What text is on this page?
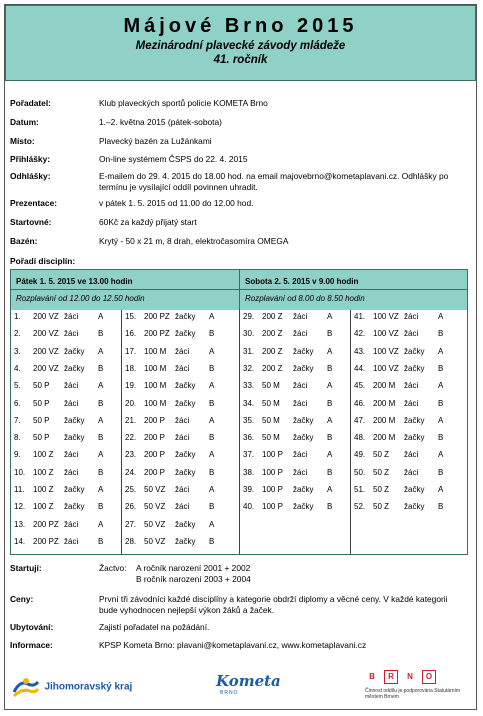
Májové Brno 2015
Mezinárodní plavecké závody mládeže
41. ročník
Pořadatel:	Klub plaveckých sportů policie KOMETA Brno
Datum:	1.–2. května 2015 (pátek-sobota)
Místo:	Plavecký bazén za Lužánkami
Přihlášky:	On-line systémem ČSPS do 22. 4. 2015
Odhlášky:	E-mailem do 29. 4. 2015 do 18.00 hod. na email majovebrno@kometaplavani.cz. Odhlášky po termínu je vysílající oddíl povinnen uhradit.
Prezentace:	v pátek 1. 5. 2015 od 11.00 do 12.00 hod.
Startovné:	60Kč za každý přijatý start
Bazén:	Krytý - 50 x 21 m, 8 drah, elektročasomíra OMEGA
Pořadí disciplín:
Pátek 1. 5. 2015 ve 13.00 hodin
Rozplavání od 12.00 do 12.50 hodin
Sobota 2. 5. 2015 v 9.00 hodin
Rozplavání od 8.00 do 8.50 hodin
1. 200 VZ žáci A
2. 200 VZ žáci B
3. 200 VZ žačky A
4. 200 VZ žačky B
5. 50 P žáci A
6. 50 P žáci B
7. 50 P žačky A
8. 50 P žačky B
9. 100 Z žáci A
10. 100 Z žáci B
11. 100 Z žačky A
12. 100 Z žačky B
13. 200 PZ žáci A
14. 200 PZ žáci B
15. 200 PZ žačky A
16. 200 PZ žačky B
17. 100 M žáci A
18. 100 M žáci B
19. 100 M žačky A
20. 100 M žačky B
21. 200 P žáci A
22. 200 P žáci B
23. 200 P žačky A
24. 200 P žačky B
25. 50 VZ žáci A
26. 50 VZ žáci B
27. 50 VZ žačky A
28. 50 VZ žačky B
29. 200 Z žáci A
30. 200 Z žáci B
31. 200 Z žačky A
32. 200 Z žačky B
33. 50 M žáci A
34. 50 M žáci B
35. 50 M žačky A
36. 50 M žačky B
37. 100 P žáci A
38. 100 P žáci B
39. 100 P žačky A
40. 100 P žačky B
41. 100 VZ žáci A
42. 100 VZ žáci B
43. 100 VZ žačky A
44. 100 VZ žačky B
45. 200 M žáci A
46. 200 M žáci B
47. 200 M žačky A
48. 200 M žačky B
49. 50 Z žáci A
50. 50 Z žáci B
51. 50 Z žačky A
52. 50 Z žačky B
Startují:	Žactvo: A ročník narození 2001 + 2002
B ročník narození 2003 + 2004
Ceny:	První tři závodníci každé disciplíny a kategorie obdrží diplomy a věcné ceny. V každé kategorii bude vyhodnocen nejlepší výkon žáků a žaček.
Ubytování:	Zajistí pořadatel na požádání.
Informace:	KPSP Kometa Brno: plavani@kometaplavani.cz, www.kometaplavani.cz
Jihomoravský kraj	Kometa
BRNO
B R N O
Činnost oddílu je podporována Statutárním městem Brnem
